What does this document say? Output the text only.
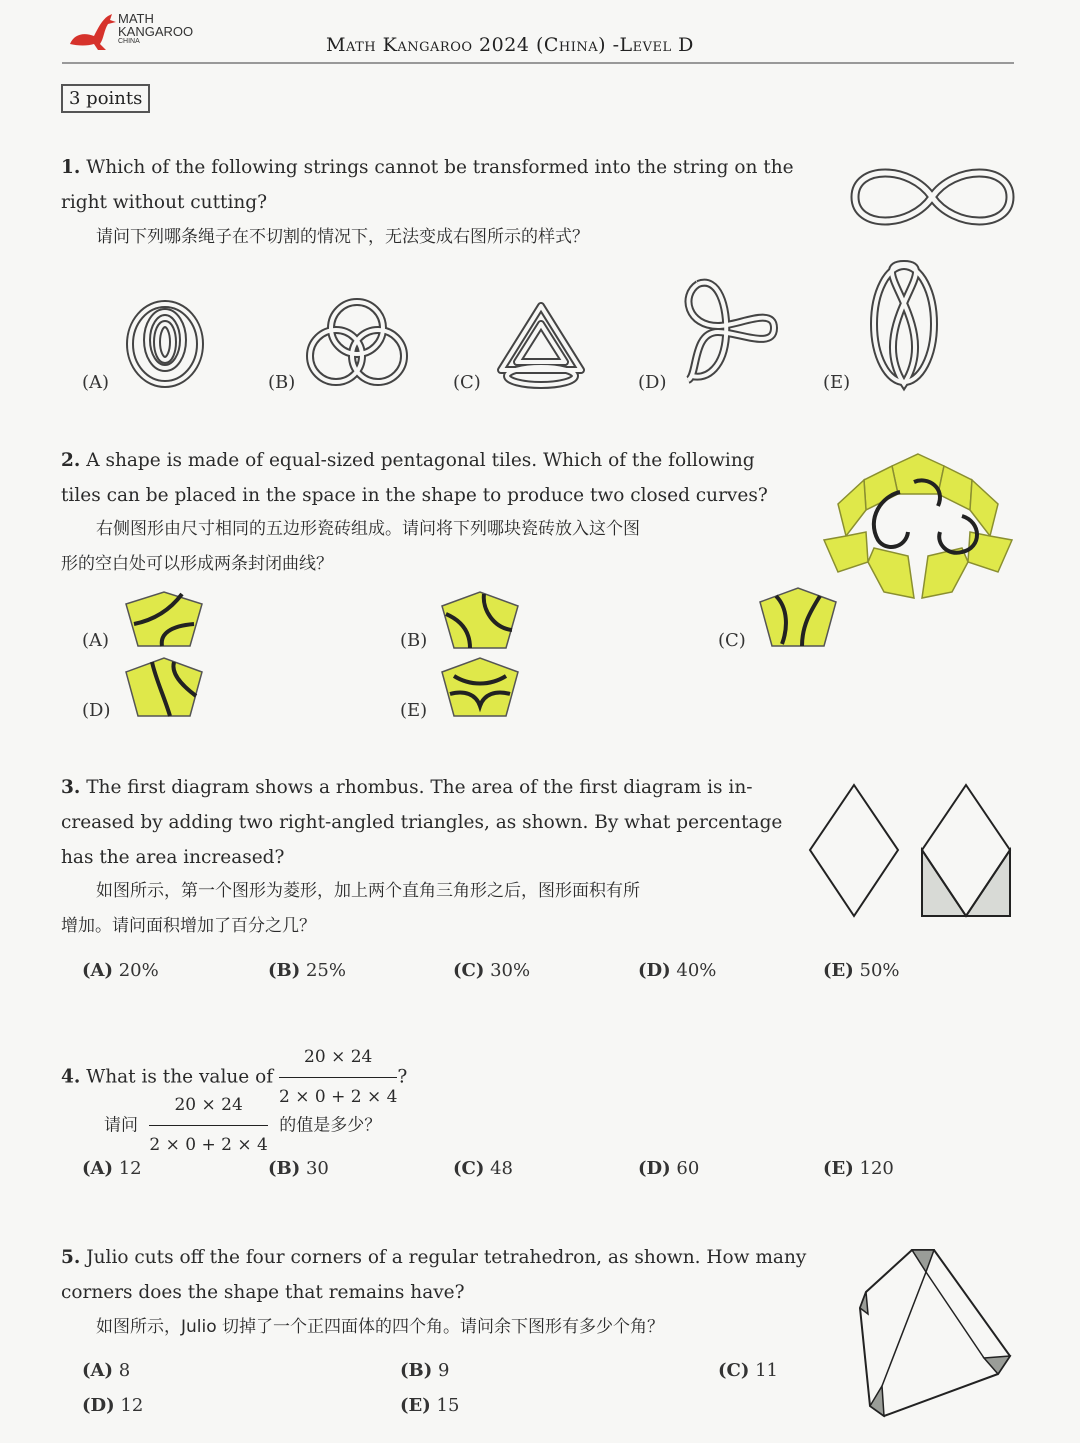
MATH
KANGAROO
CHINA	Math Kangaroo 2024 (China) -Level D
3 points
1. Which of the following strings cannot be transformed into the string on the
right without cutting?
请问下列哪条绳子在不切割的情况下，无法变成右图所示的样式？
(A)	(B)	(C)	(D)	(E)
2. A shape is made of equal-sized pentagonal tiles. Which of the following
tiles can be placed in the space in the shape to produce two closed curves?
右侧图形由尺寸相同的五边形瓷砖组成。请问将下列哪块瓷砖放入这个图
形的空白处可以形成两条封闭曲线？
(A)	(B)	(C)
(D)	(E)
3. The first diagram shows a rhombus. The area of the first diagram is in-
creased by adding two right-angled triangles, as shown. By what percentage
has the area increased?
如图所示，第一个图形为菱形，加上两个直角三角形之后，图形面积有所
增加。请问面积增加了百分之几？
(A) 20%	(B) 25%	(C) 30%	(D) 40%	(E) 50%
4. What is the value of $\frac{20 \times 24}{2 \times 0 + 2 \times 4}$ ?
请问 $\frac{20 \times 24}{2 \times 0 + 2 \times 4}$ 的值是多少？
(A) 12	(B) 30	(C) 48	(D) 60	(E) 120
5. Julio cuts off the four corners of a regular tetrahedron, as shown. How many
corners does the shape that remains have?
如图所示，Julio 切掉了一个正四面体的四个角。请问余下图形有多少个角？
(A) 8	(B) 9	(C) 11
(D) 12	(E) 15
